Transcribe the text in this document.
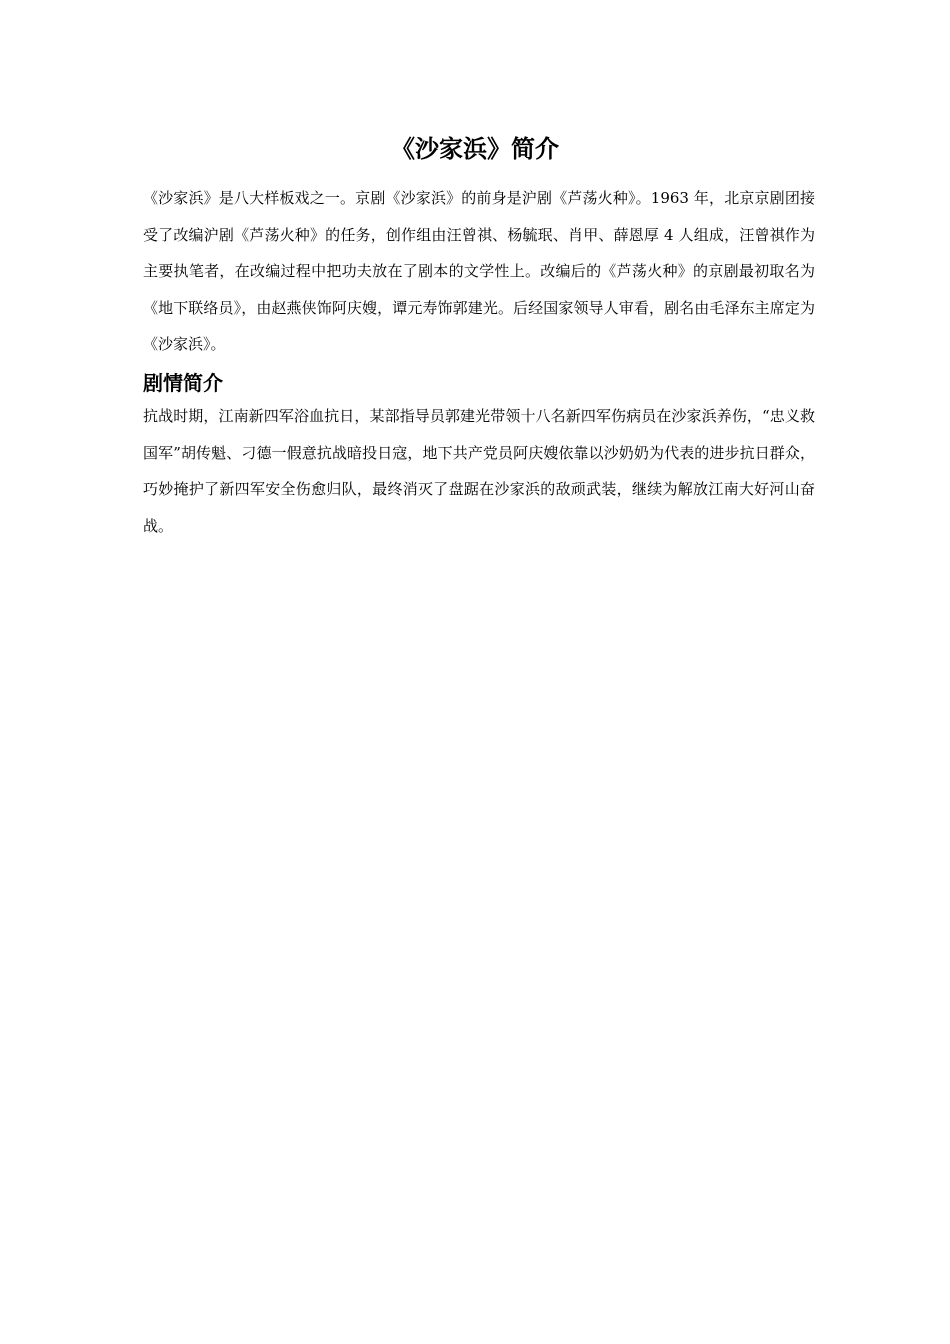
《沙家浜》简介

《沙家浜》是八大样板戏之一。京剧《沙家浜》的前身是沪剧《芦荡火种》。1963 年，北京京剧团接受了改编沪剧《芦荡火种》的任务，创作组由汪曾祺、杨毓珉、肖甲、薛恩厚 4 人组成，汪曾祺作为主要执笔者，在改编过程中把功夫放在了剧本的文学性上。改编后的《芦荡火种》的京剧最初取名为《地下联络员》，由赵燕侠饰阿庆嫂，谭元寿饰郭建光。后经国家领导人审看，剧名由毛泽东主席定为《沙家浜》。

剧情简介

抗战时期，江南新四军浴血抗日，某部指导员郭建光带领十八名新四军伤病员在沙家浜养伤，“忠义救国军”胡传魁、刁德一假意抗战暗投日寇，地下共产党员阿庆嫂依靠以沙奶奶为代表的进步抗日群众，巧妙掩护了新四军安全伤愈归队，最终消灭了盘踞在沙家浜的敌顽武装，继续为解放江南大好河山奋战。
